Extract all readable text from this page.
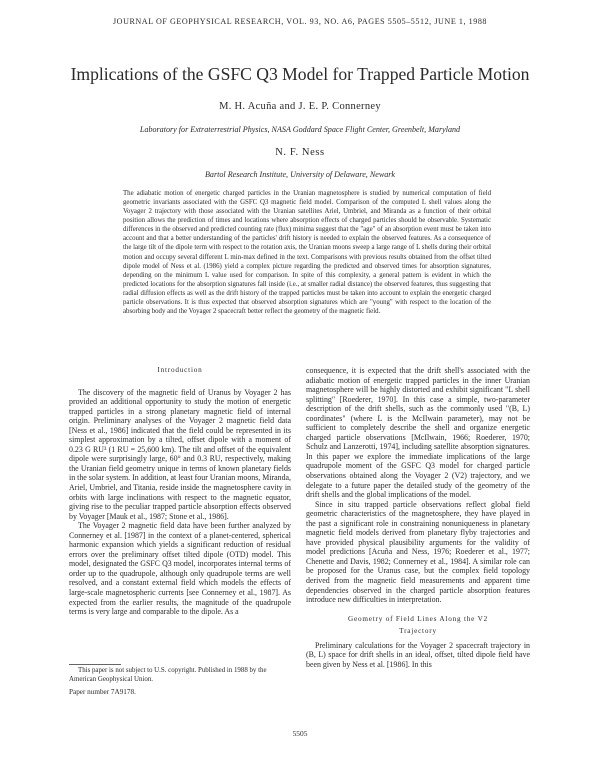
JOURNAL OF GEOPHYSICAL RESEARCH, VOL. 93, NO. A6, PAGES 5505–5512, JUNE 1, 1988
Implications of the GSFC Q3 Model for Trapped Particle Motion
M. H. Acuña and J. E. P. Connerney
Laboratory for Extraterrestrial Physics, NASA Goddard Space Flight Center, Greenbelt, Maryland
N. F. Ness
Bartol Research Institute, University of Delaware, Newark

The adiabatic motion of energetic charged particles in the Uranian magnetosphere is studied by numerical computation of field geometric invariants associated with the GSFC Q3 magnetic field model. Comparison of the computed L shell values along the Voyager 2 trajectory with those associated with the Uranian satellites Ariel, Umbriel, and Miranda as a function of their orbital position allows the prediction of times and locations where absorption effects of charged particles should be observable. Systematic differences in the observed and predicted counting rate (flux) minima suggest that the "age" of an absorption event must be taken into account and that a better understanding of the particles' drift history is needed to explain the observed features. As a consequence of the large tilt of the dipole term with respect to the rotation axis, the Uranian moons sweep a large range of L shells during their orbital motion and occupy several different L min-max defined in the text. Comparisons with previous results obtained from the offset tilted dipole model of Ness et al. (1986) yield a complex picture regarding the predicted and observed times for absorption signatures, depending on the minimum L value used for comparison. In spite of this complexity, a general pattern is evident in which the predicted locations for the absorption signatures fall inside (i.e., at smaller radial distance) the observed features, thus suggesting that radial diffusion effects as well as the drift history of the trapped particles must be taken into account to explain the energetic charged particle observations. It is thus expected that observed absorption signatures which are "young" with respect to the location of the absorbing body and the Voyager 2 spacecraft better reflect the geometry of the magnetic field.

Introduction

The discovery of the magnetic field of Uranus by Voyager 2 has provided an additional opportunity to study the motion of energetic trapped particles in a strong planetary magnetic field of internal origin. Preliminary analyses of the Voyager 2 magnetic field data [Ness et al., 1986] indicated that the field could be represented in its simplest approximation by a tilted, offset dipole with a moment of 0.23 G RU³ (1 RU = 25,600 km). The tilt and offset of the equivalent dipole were surprisingly large, 60° and 0.3 RU, respectively, making the Uranian field geometry unique in terms of known planetary fields in the solar system. In addition, at least four Uranian moons, Miranda, Ariel, Umbriel, and Titania, reside inside the magnetosphere cavity in orbits with large inclinations with respect to the magnetic equator, giving rise to the peculiar trapped particle absorption effects observed by Voyager [Mauk et al., 1987; Stone et al., 1986].

The Voyager 2 magnetic field data have been further analyzed by Connerney et al. [1987] in the context of a planet-centered, spherical harmonic expansion which yields a significant reduction of residual errors over the preliminary offset tilted dipole (OTD) model. This model, designated the GSFC Q3 model, incorporates internal terms of order up to the quadrupole, although only quadrupole terms are well resolved, and a constant external field which models the effects of large-scale magnetospheric currents [see Connerney et al., 1987]. As expected from the earlier results, the magnitude of the quadrupole terms is very large and comparable to the dipole. As a

consequence, it is expected that the drift shell's associated with the adiabatic motion of energetic trapped particles in the inner Uranian magnetosphere will be highly distorted and exhibit significant "L shell splitting" [Roederer, 1970]. In this case a simple, two-parameter description of the drift shells, such as the commonly used "(B, L) coordinates" (where L is the McIlwain parameter), may not be sufficient to completely describe the shell and organize energetic charged particle observations [McIlwain, 1966; Roederer, 1970; Schulz and Lanzerotti, 1974], including satellite absorption signatures. In this paper we explore the immediate implications of the large quadrupole moment of the GSFC Q3 model for charged particle observations obtained along the Voyager 2 (V2) trajectory, and we delegate to a future paper the detailed study of the geometry of the drift shells and the global implications of the model.

Since in situ trapped particle observations reflect global field geometric characteristics of the magnetosphere, they have played in the past a significant role in constraining nonuniqueness in planetary magnetic field models derived from planetary flyby trajectories and have provided physical plausibility arguments for the validity of model predictions [Acuña and Ness, 1976; Roederer et al., 1977; Chenette and Davis, 1982; Connerney et al., 1984]. A similar role can be proposed for the Uranus case, but the complex field topology derived from the magnetic field measurements and apparent time dependencies observed in the charged particle absorption features introduce new difficulties in interpretation.

Geometry of Field Lines Along the V2 Trajectory

Preliminary calculations for the Voyager 2 spacecraft trajectory in (B, L) space for drift shells in an ideal, offset, tilted dipole field have been given by Ness et al. [1986]. In this

This paper is not subject to U.S. copyright. Published in 1988 by the American Geophysical Union.

Paper number 7A9178.
5505
